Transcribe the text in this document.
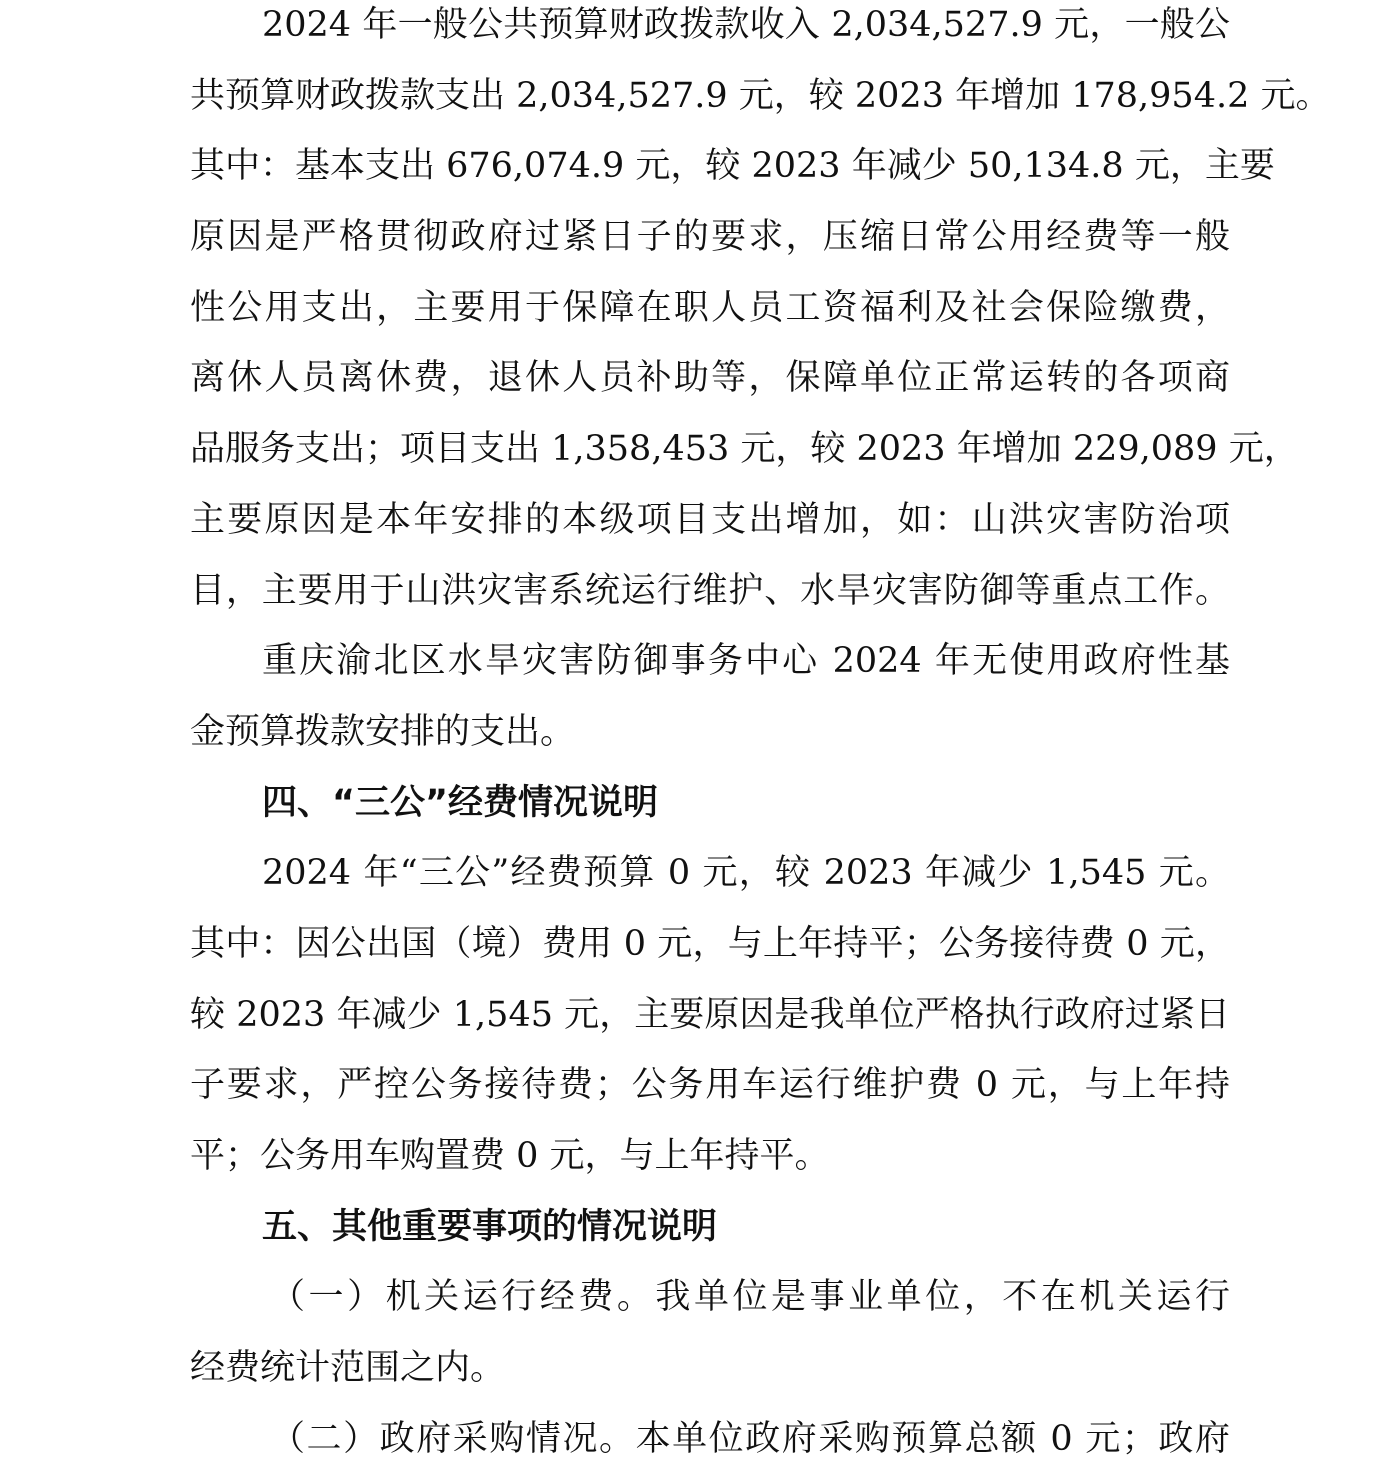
2024 年一般公共预算财政拨款收入 2,034,527.9 元，一般公
共预算财政拨款支出 2,034,527.9 元，较 2023 年增加 178,954.2 元。
其中：基本支出 676,074.9 元，较 2023 年减少 50,134.8 元，主要
原因是严格贯彻政府过紧日子的要求，压缩日常公用经费等一般
性公用支出，主要用于保障在职人员工资福利及社会保险缴费，
离休人员离休费，退休人员补助等，保障单位正常运转的各项商
品服务支出；项目支出 1,358,453 元，较 2023 年增加 229,089 元，
主要原因是本年安排的本级项目支出增加，如：山洪灾害防治项
目，主要用于山洪灾害系统运行维护、水旱灾害防御等重点工作。
重庆渝北区水旱灾害防御事务中心 2024 年无使用政府性基
金预算拨款安排的支出。
四、“三公”经费情况说明
2024 年“三公”经费预算 0 元，较 2023 年减少 1,545 元。
其中：因公出国（境）费用 0 元，与上年持平；公务接待费 0 元，
较 2023 年减少 1,545 元，主要原因是我单位严格执行政府过紧日
子要求，严控公务接待费；公务用车运行维护费 0 元，与上年持
平；公务用车购置费 0 元，与上年持平。
五、其他重要事项的情况说明
（一）机关运行经费。我单位是事业单位，不在机关运行
经费统计范围之内。
（二）政府采购情况。本单位政府采购预算总额 0 元；政府
